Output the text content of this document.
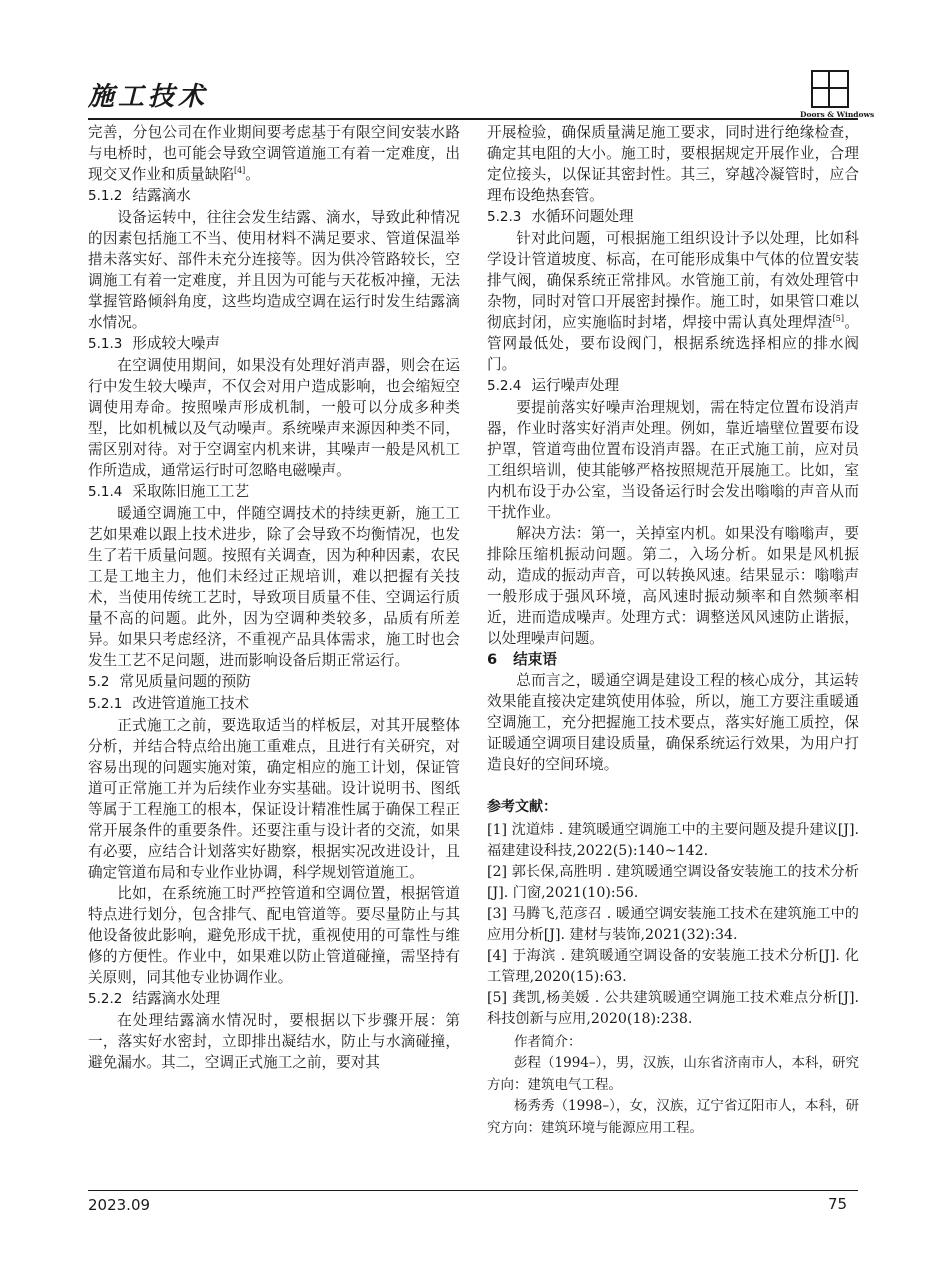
施工技术
Doors & Windows

完善，分包公司在作业期间要考虑基于有限空间安装水路与电桥时，也可能会导致空调管道施工有着一定难度，出现交叉作业和质量缺陷[4]。

5.1.2 结露滴水

设备运转中，往往会发生结露、滴水，导致此种情况的因素包括施工不当、使用材料不满足要求、管道保温举措未落实好、部件未充分连接等。因为供冷管路较长，空调施工有着一定难度，并且因为可能与天花板冲撞，无法掌握管路倾斜角度，这些均造成空调在运行时发生结露滴水情况。

5.1.3 形成较大噪声

在空调使用期间，如果没有处理好消声器，则会在运行中发生较大噪声，不仅会对用户造成影响，也会缩短空调使用寿命。按照噪声形成机制，一般可以分成多种类型，比如机械以及气动噪声。系统噪声来源因种类不同，需区别对待。对于空调室内机来讲，其噪声一般是风机工作所造成，通常运行时可忽略电磁噪声。

5.1.4 采取陈旧施工工艺

暖通空调施工中，伴随空调技术的持续更新，施工工艺如果难以跟上技术进步，除了会导致不均衡情况，也发生了若干质量问题。按照有关调查，因为种种因素，农民工是工地主力，他们未经过正规培训，难以把握有关技术，当使用传统工艺时，导致项目质量不佳、空调运行质量不高的问题。此外，因为空调种类较多，品质有所差异。如果只考虑经济，不重视产品具体需求，施工时也会发生工艺不足问题，进而影响设备后期正常运行。

5.2 常见质量问题的预防

5.2.1 改进管道施工技术

正式施工之前，要选取适当的样板层，对其开展整体分析，并结合特点给出施工重难点，且进行有关研究，对容易出现的问题实施对策，确定相应的施工计划，保证管道可正常施工并为后续作业夯实基础。设计说明书、图纸等属于工程施工的根本，保证设计精准性属于确保工程正常开展条件的重要条件。还要注重与设计者的交流，如果有必要，应结合计划落实好勘察，根据实况改进设计，且确定管道布局和专业作业协调，科学规划管道施工。

比如，在系统施工时严控管道和空调位置，根据管道特点进行划分，包含排气、配电管道等。要尽量防止与其他设备彼此影响，避免形成干扰，重视使用的可靠性与维修的方便性。作业中，如果难以防止管道碰撞，需坚持有关原则，同其他专业协调作业。

5.2.2 结露滴水处理

在处理结露滴水情况时，要根据以下步骤开展：第一，落实好水密封，立即排出凝结水，防止与水滴碰撞，避免漏水。其二，空调正式施工之前，要对其

开展检验，确保质量满足施工要求，同时进行绝缘检查，确定其电阻的大小。施工时，要根据规定开展作业，合理定位接头，以保证其密封性。其三，穿越冷凝管时，应合理布设绝热套管。

5.2.3 水循环问题处理

针对此问题，可根据施工组织设计予以处理，比如科学设计管道坡度、标高，在可能形成集中气体的位置安装排气阀，确保系统正常排风。水管施工前，有效处理管中杂物，同时对管口开展密封操作。施工时，如果管口难以彻底封闭，应实施临时封堵，焊接中需认真处理焊渣[5]。管网最低处，要布设阀门，根据系统选择相应的排水阀门。

5.2.4 运行噪声处理

要提前落实好噪声治理规划，需在特定位置布设消声器，作业时落实好消声处理。例如，靠近墙壁位置要布设护罩，管道弯曲位置布设消声器。在正式施工前，应对员工组织培训，使其能够严格按照规范开展施工。比如，室内机布设于办公室，当设备运行时会发出嗡嗡的声音从而干扰作业。

解决方法：第一，关掉室内机。如果没有嗡嗡声，要排除压缩机振动问题。第二，入场分析。如果是风机振动，造成的振动声音，可以转换风速。结果显示：嗡嗡声一般形成于强风环境，高风速时振动频率和自然频率相近，进而造成噪声。处理方式：调整送风风速防止谐振，以处理噪声问题。

6 结束语

总而言之，暖通空调是建设工程的核心成分，其运转效果能直接决定建筑使用体验，所以，施工方要注重暖通空调施工，充分把握施工技术要点，落实好施工质控，保证暖通空调项目建设质量，确保系统运行效果，为用户打造良好的空间环境。

参考文献：

[1] 沈道炜 . 建筑暖通空调施工中的主要问题及提升建议[J]. 福建建设科技,2022(5):140~142.

[2] 郭长保,高胜明 . 建筑暖通空调设备安装施工的技术分析[J]. 门窗,2021(10):56.

[3] 马腾飞,范彦召 . 暖通空调安装施工技术在建筑施工中的应用分析[J]. 建材与装饰,2021(32):34.

[4] 于海滨 . 建筑暖通空调设备的安装施工技术分析[J]. 化工管理,2020(15):63.

[5] 龚凯,杨美媛 . 公共建筑暖通空调施工技术难点分析[J]. 科技创新与应用,2020(18):238.

作者简介：

彭程（1994–），男，汉族，山东省济南市人，本科，研究方向：建筑电气工程。

杨秀秀（1998–），女，汉族，辽宁省辽阳市人，本科，研究方向：建筑环境与能源应用工程。

2023.09	75
